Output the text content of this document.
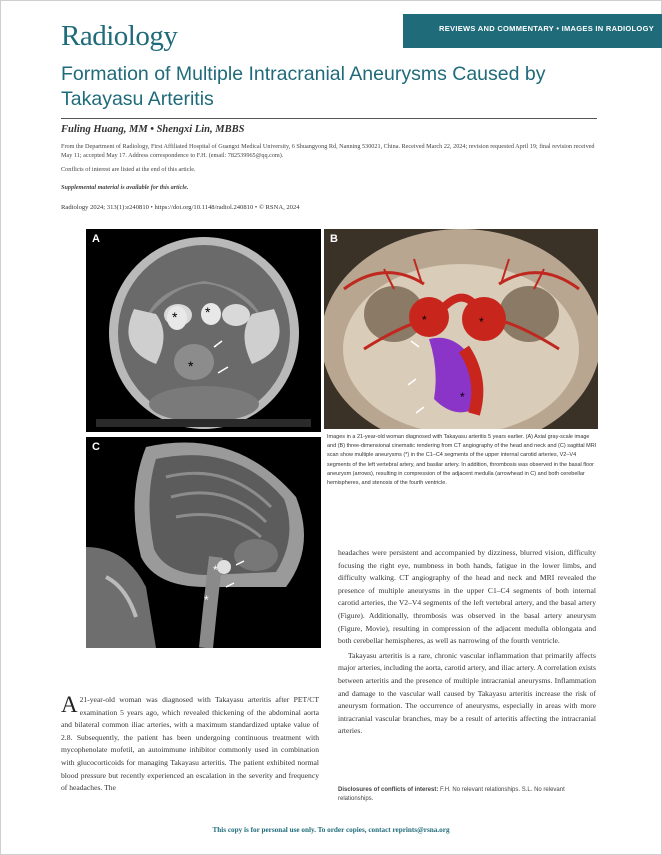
Radiology	REVIEWS AND COMMENTARY • IMAGES IN RADIOLOGY
Formation of Multiple Intracranial Aneurysms Caused by Takayasu Arteritis
Fuling Huang, MM • Shengxi Lin, MBBS
From the Department of Radiology, First Affiliated Hospital of Guangxi Medical University, 6 Shuangyong Rd, Nanning 530021, China. Received March 22, 2024; revision requested April 19; final revision received May 11; accepted May 17. Address correspondence to F.H. (email: 782539965@qq.com).
Conflicts of interest are listed at the end of this article.
Supplemental material is available for this article.
Radiology 2024; 313(1):e240810 • https://doi.org/10.1148/radiol.240810 • © RSNA, 2024
* *
*
A
*	*
*
B
*
*
C
Images in a 21-year-old woman diagnosed with Takayasu arteritis 5 years earlier. (A) Axial gray-scale image and (B) three-dimensional cinematic rendering from CT angiography of the head and neck and (C) sagittal MRI scan show multiple aneurysms (*) in the C1–C4 segments of the upper internal carotid arteries, V2–V4 segments of the left vertebral artery, and basilar artery. In addition, thrombosis was observed in the basal floor aneurysm (arrows), resulting in compression of the adjacent medulla (arrowhead in C) and both cerebellar hemispheres, and stenosis of the fourth ventricle.

A 21-year-old woman was diagnosed with Takayasu arteritis after PET/CT examination 5 years ago, which revealed thickening of the abdominal aorta and bilateral common iliac arteries, with a maximum standardized uptake value of 2.8. Subsequently, the patient has been undergoing continuous treatment with mycophenolate mofetil, an autoimmune inhibitor commonly used in combination with glucocorticoids for managing Takayasu arteritis. The patient exhibited normal blood pressure but recently experienced an escalation in the severity and frequency of headaches. The

headaches were persistent and accompanied by dizziness, blurred vision, difficulty focusing the right eye, numbness in both hands, fatigue in the lower limbs, and difficulty walking. CT angiography of the head and neck and MRI revealed the presence of multiple aneurysms in the upper C1–C4 segments of both internal carotid arteries, the V2–V4 segments of the left vertebral artery, and the basal artery (Figure). Additionally, thrombosis was observed in the basal artery aneurysm (Figure, Movie), resulting in compression of the adjacent medulla oblongata and both cerebellar hemispheres, as well as narrowing of the fourth ventricle.

Takayasu arteritis is a rare, chronic vascular inflammation that primarily affects major arteries, including the aorta, carotid artery, and iliac artery. A correlation exists between arteritis and the presence of multiple intracranial aneurysms. Inflammation and damage to the vascular wall caused by Takayasu arteritis increase the risk of aneurysm formation. The occurrence of aneurysms, especially in areas with more intracranial vascular branches, may be a result of arteritis affecting the intracranial arteries.

Disclosures of conflicts of interest: F.H. No relevant relationships. S.L. No relevant relationships.
This copy is for personal use only. To order copies, contact reprints@rsna.org
